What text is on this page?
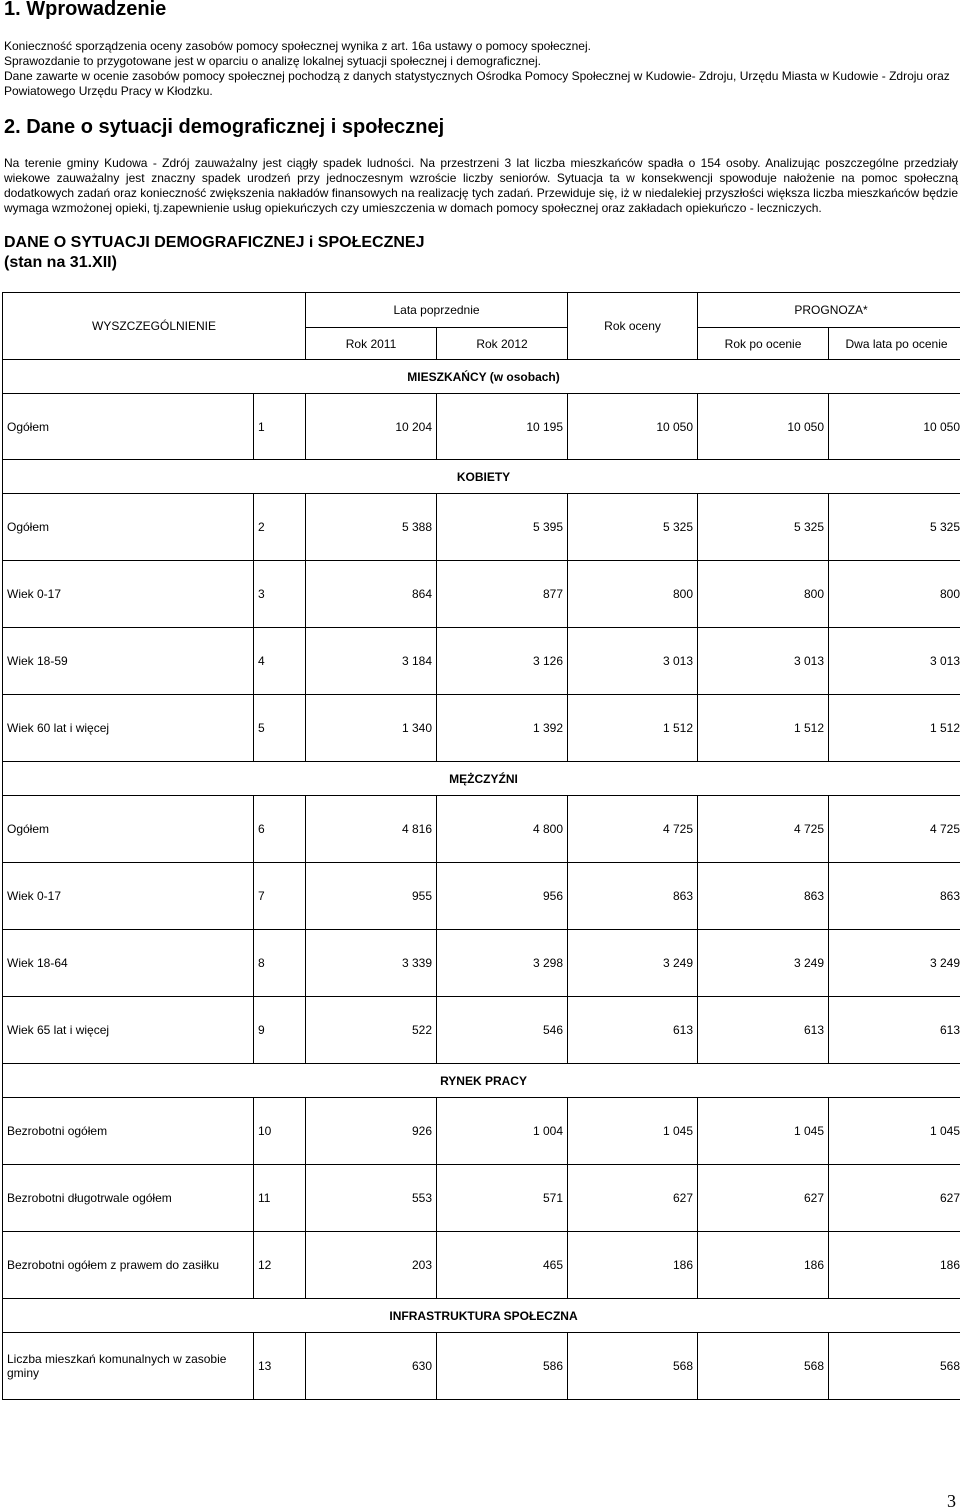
1. Wprowadzenie

Konieczność sporządzenia oceny zasobów pomocy społecznej wynika z art. 16a ustawy o pomocy społecznej.
Sprawozdanie to przygotowane jest w oparciu o analizę lokalnej sytuacji społecznej i demograficznej.
Dane zawarte w ocenie zasobów pomocy społecznej pochodzą z danych statystycznych Ośrodka Pomocy Społecznej w Kudowie- Zdroju, Urzędu Miasta w Kudowie - Zdroju oraz Powiatowego Urzędu Pracy w Kłodzku.

2. Dane o sytuacji demograficznej i społecznej

Na terenie gminy Kudowa - Zdrój zauważalny jest ciągły spadek ludności. Na przestrzeni 3 lat liczba mieszkańców spadła o 154 osoby. Analizując poszczególne przedziały wiekowe zauważalny jest znaczny spadek urodzeń przy jednoczesnym wzroście liczby seniorów. Sytuacja ta w konsekwencji spowoduje nałożenie na pomoc społeczną dodatkowych zadań oraz konieczność zwiększenia nakładów finansowych na realizację tych zadań. Przewiduje się, iż w niedalekiej przyszłości większa liczba mieszkańców będzie wymaga wzmożonej opieki, tj.zapewnienie usług opiekuńczych czy umieszczenia w domach pomocy społecznej oraz zakładach opiekuńczo - leczniczych.

DANE O SYTUACJI DEMOGRAFICZNEJ i SPOŁECZNEJ
(stan na 31.XII)

WYSZCZEGÓLNIENIE		Lata poprzednie		Rok oceny	PROGNOZA*	
		Rok 2011	Rok 2012		Rok po ocenie	Dwa lata po ocenie
MIESZKAŃCY (w osobach)						
Ogółem	1	10 204	10 195	10 050	10 050	10 050
KOBIETY						
Ogółem	2	5 388	5 395	5 325	5 325	5 325
Wiek 0-17	3	864	877	800	800	800
Wiek 18-59	4	3 184	3 126	3 013	3 013	3 013
Wiek 60 lat i więcej	5	1 340	1 392	1 512	1 512	1 512
MĘŻCZYŹNI						
Ogółem	6	4 816	4 800	4 725	4 725	4 725
Wiek 0-17	7	955	956	863	863	863
Wiek 18-64	8	3 339	3 298	3 249	3 249	3 249
Wiek 65 lat i więcej	9	522	546	613	613	613
RYNEK PRACY						
Bezrobotni ogółem	10	926	1 004	1 045	1 045	1 045
Bezrobotni długotrwale ogółem	11	553	571	627	627	627
Bezrobotni ogółem z prawem do zasiłku	12	203	465	186	186	186
INFRASTRUKTURA SPOŁECZNA						
Liczba mieszkań komunalnych w zasobie gminy	13	630	586	568	568	568
3
